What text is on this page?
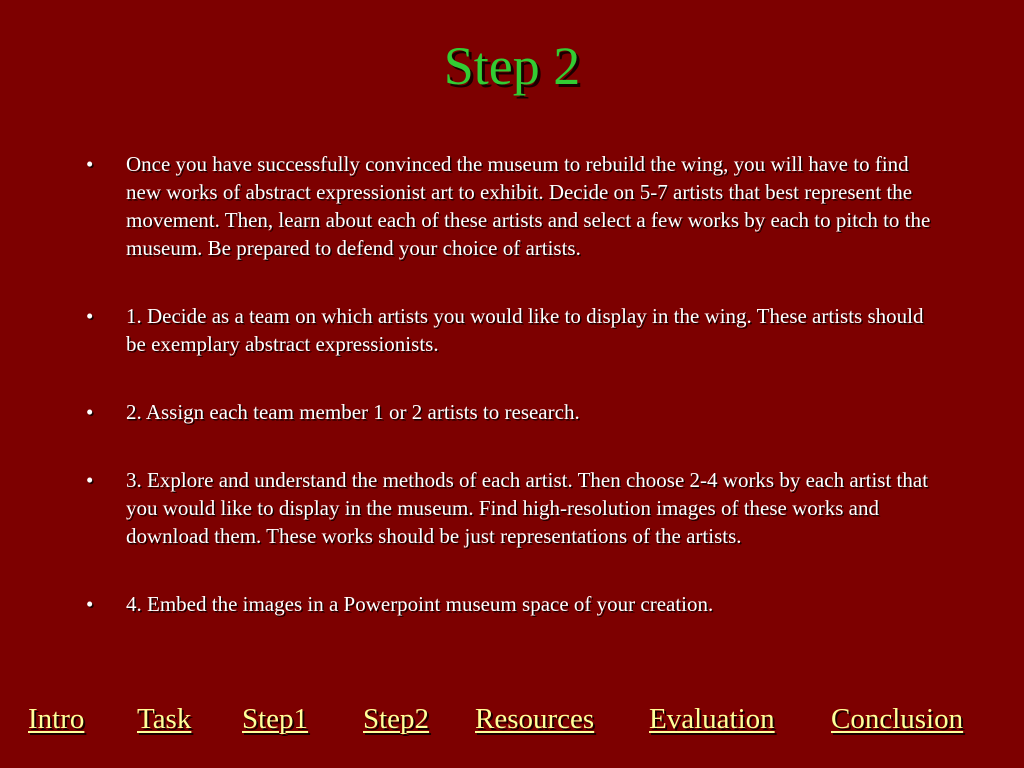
Step 2
• Once you have successfully convinced the museum to rebuild the wing, you will have to find new works of abstract expressionist art to exhibit. Decide on 5-7 artists that best represent the movement. Then, learn about each of these artists and select a few works by each to pitch to the museum. Be prepared to defend your choice of artists.
• 1. Decide as a team on which artists you would like to display in the wing. These artists should be exemplary abstract expressionists.
• 2. Assign each team member 1 or 2 artists to research.
• 3. Explore and understand the methods of each artist. Then choose 2-4 works by each artist that you would like to display in the museum. Find high-resolution images of these works and download them. These works should be just representations of the artists.
• 4. Embed the images in a Powerpoint museum space of your creation.
Intro Task Step1 Step2 Resources Evaluation Conclusion
